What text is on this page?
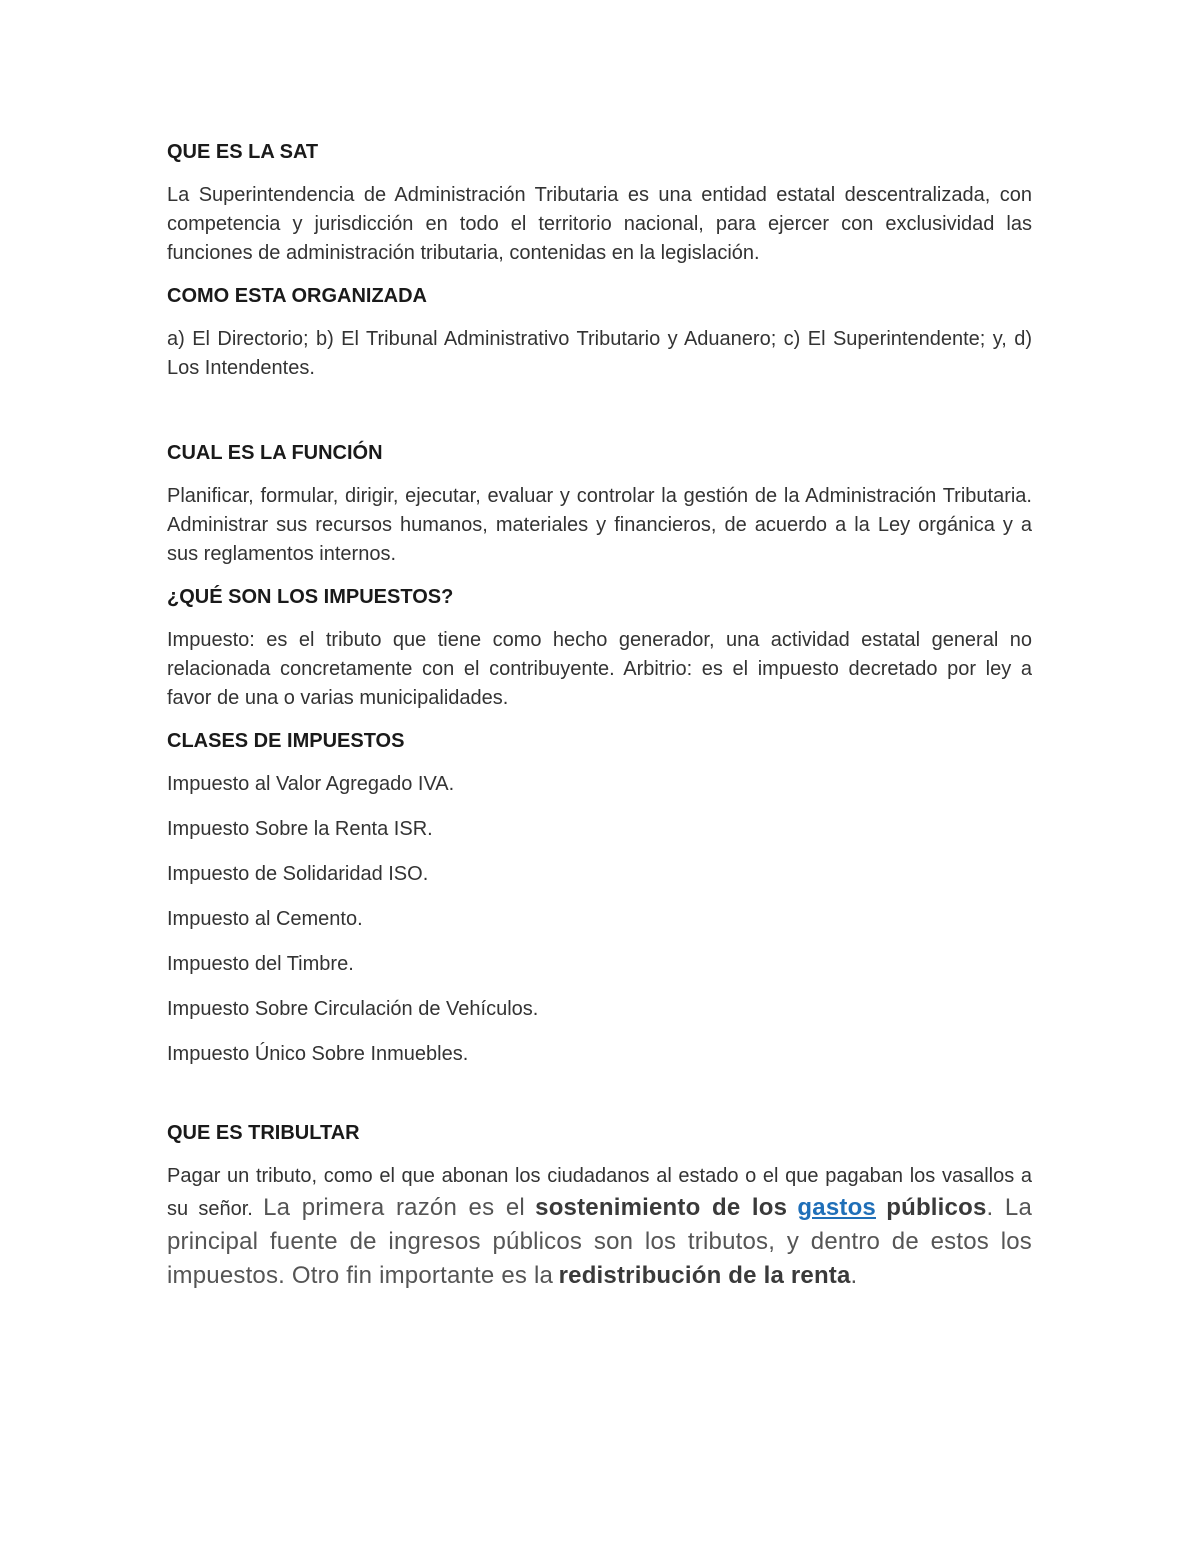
QUE ES LA SAT

La Superintendencia de Administración Tributaria es una entidad estatal descentralizada, con competencia y jurisdicción en todo el territorio nacional, para ejercer con exclusividad las funciones de administración tributaria, contenidas en la legislación.

COMO ESTA ORGANIZADA

a) El Directorio; b) El Tribunal Administrativo Tributario y Aduanero; c) El Superintendente; y, d) Los Intendentes.

CUAL ES LA FUNCIÓN

Planificar, formular, dirigir, ejecutar, evaluar y controlar la gestión de la Administración Tributaria. Administrar sus recursos humanos, materiales y financieros, de acuerdo a la Ley orgánica y a sus reglamentos internos.

¿QUÉ SON LOS IMPUESTOS?

Impuesto: es el tributo que tiene como hecho generador, una actividad estatal general no relacionada concretamente con el contribuyente. Arbitrio: es el impuesto decretado por ley a favor de una o varias municipalidades.

CLASES DE IMPUESTOS
Impuesto al Valor Agregado IVA.
Impuesto Sobre la Renta ISR.
Impuesto de Solidaridad ISO.
Impuesto al Cemento.
Impuesto del Timbre.
Impuesto Sobre Circulación de Vehículos.
Impuesto Único Sobre Inmuebles.
QUE ES TRIBULTAR

Pagar un tributo, como el que abonan los ciudadanos al estado o el que pagaban los vasallos a su señor. La primera razón es el sostenimiento de los gastos públicos. La principal fuente de ingresos públicos son los tributos, y dentro de estos los impuestos. Otro fin importante es la redistribución de la renta.
